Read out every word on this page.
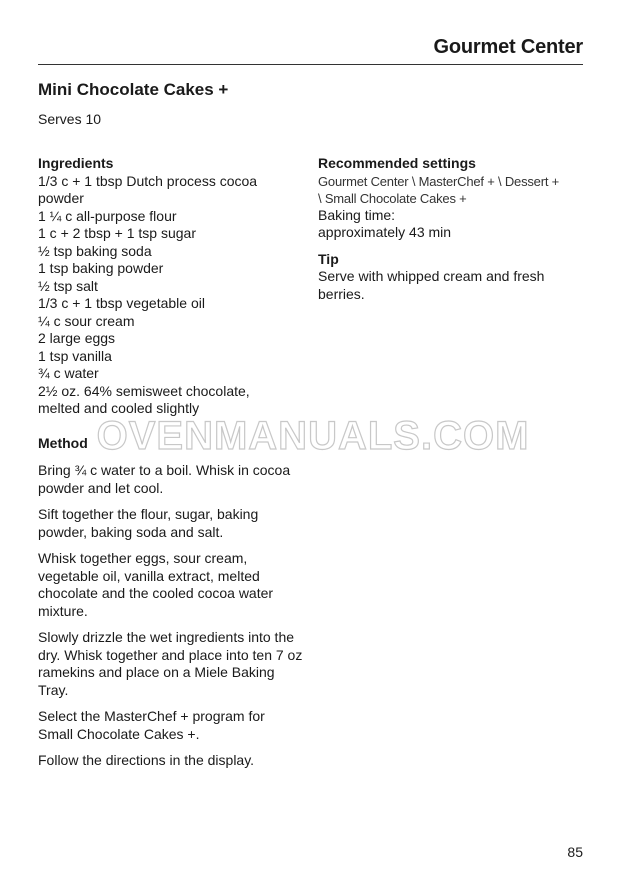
Gourmet Center
Mini Chocolate Cakes +
Serves 10
Ingredients
1/3 c + 1 tbsp Dutch process cocoa
powder
1 ¼ c all-purpose flour
1 c + 2 tbsp + 1 tsp sugar
½ tsp baking soda
1 tsp baking powder
½ tsp salt
1/3 c + 1 tbsp vegetable oil
¼ c sour cream
2 large eggs
1 tsp vanilla
¾ c water
2½ oz. 64% semisweet chocolate,
melted and cooled slightly
Method

Bring ¾ c water to a boil. Whisk in cocoa powder and let cool.

Sift together the flour, sugar, baking powder, baking soda and salt.

Whisk together eggs, sour cream, vegetable oil, vanilla extract, melted chocolate and the cooled cocoa water mixture.

Slowly drizzle the wet ingredients into the dry. Whisk together and place into ten 7 oz ramekins and place on a Miele Baking Tray.

Select the MasterChef + program for Small Chocolate Cakes +.

Follow the directions in the display.

Recommended settings
Gourmet Center \ MasterChef + \ Dessert +
\ Small Chocolate Cakes +
Baking time:
approximately 43 min
Tip
Serve with whipped cream and fresh berries.
OVENMANUALS.COM
85
